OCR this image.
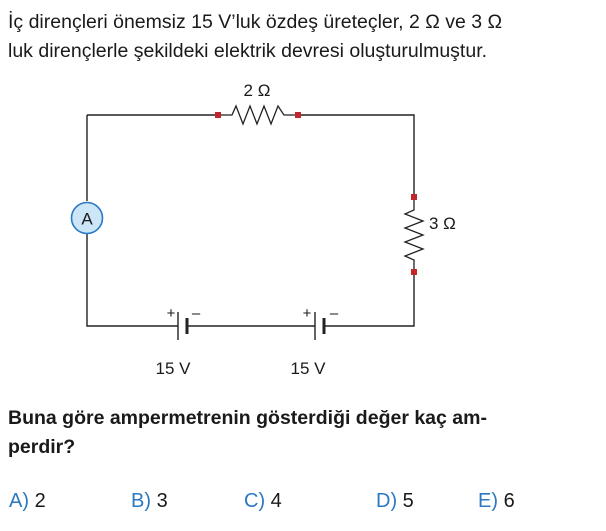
İç dirençleri önemsiz 15 V’luk özdeş üreteçler, 2 Ω ve 3 Ω
luk dirençlerle şekildeki elektrik devresi oluşturulmuştur.
2 Ω
3 Ω
A
+ –
15 V
+ –
15 V
Buna göre ampermetrenin gösterdiği değer kaç am-
perdir?
A) 2	B) 3	C) 4	D) 5	E) 6
